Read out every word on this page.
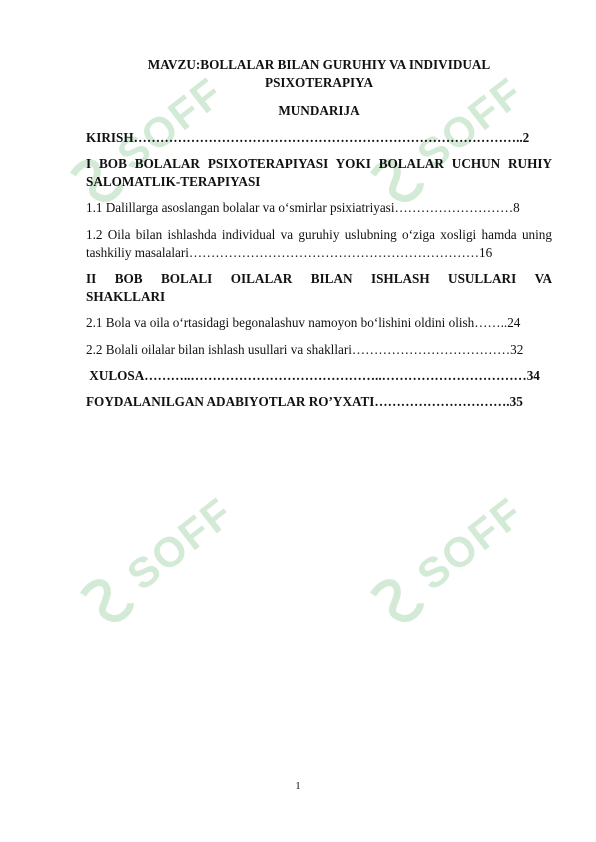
SOFF	SOFF
SOFF	SOFF

MAVZU:BOLLALAR BILAN GURUHIY VA INDIVIDUAL PSIXOTERAPIYA

MUNDARIJA

KIRISH……………………………………………………………………………..2

I BOB BOLALAR PSIXOTERAPIYASI YOKI BOLALAR UCHUN RUHIY SALOMATLIK-TERAPIYASI

1.1 Dalillarga asoslangan bolalar va o‘smirlar psixiatriyasi………………………8

1.2 Oila bilan ishlashda individual va guruhiy uslubning o‘ziga xosligi hamda uning tashkiliy masalalari…………………………………………………………16

II BOB BOLALI OILALAR BILAN ISHLASH USULLARI VA
SHAKLLARI

2.1 Bola va oila o‘rtasidagi begonalashuv namoyon bo‘lishini oldini olish……..24

2.2 Bolali oilalar bilan ishlash usullari va shakllari………………………………32

XULOSA………..……………………………………..……………………………34

FOYDALANILGAN ADABIYOTLAR RO’YXATI………………………….35

1
